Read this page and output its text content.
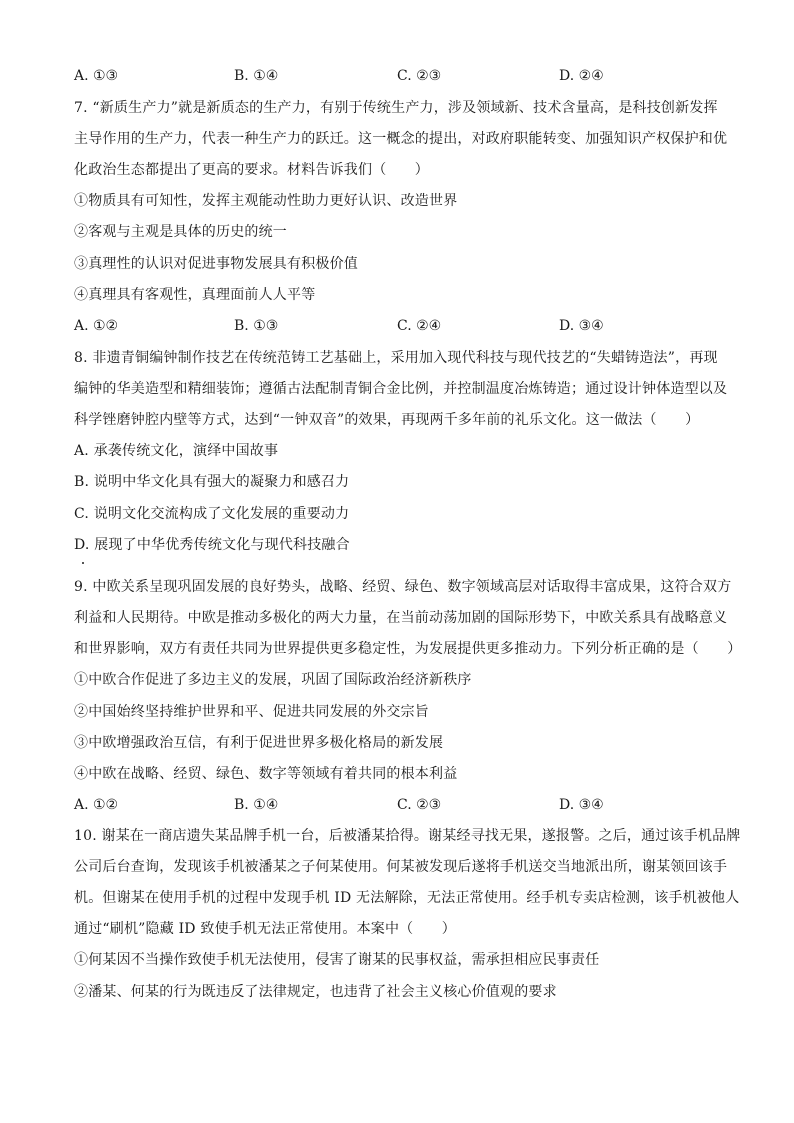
A. ①③	B. ①④	C. ②③	D. ②④
7. “新质生产力”就是新质态的生产力，有别于传统生产力，涉及领域新、技术含量高，是科技创新发挥
主导作用的生产力，代表一种生产力的跃迁。这一概念的提出，对政府职能转变、加强知识产权保护和优
化政治生态都提出了更高的要求。材料告诉我们（　　）
①物质具有可知性，发挥主观能动性助力更好认识、改造世界
②客观与主观是具体的历史的统一
③真理性的认识对促进事物发展具有积极价值
④真理具有客观性，真理面前人人平等
A. ①②	B. ①③	C. ②④	D. ③④
8. 非遗青铜编钟制作技艺在传统范铸工艺基础上，采用加入现代科技与现代技艺的“失蜡铸造法”，再现
编钟的华美造型和精细装饰；遵循古法配制青铜合金比例，并控制温度冶炼铸造；通过设计钟体造型以及
科学锉磨钟腔内壁等方式，达到“一钟双音”的效果，再现两千多年前的礼乐文化。这一做法（　　）
A. 承袭传统文化，演绎中国故事
B. 说明中华文化具有强大的凝聚力和感召力
C. 说明文化交流构成了文化发展的重要动力
D. 展现了中华优秀传统文化与现代科技融合
9. 中欧关系呈现巩固发展的良好势头，战略、经贸、绿色、数字领域高层对话取得丰富成果，这符合双方
利益和人民期待。中欧是推动多极化的两大力量，在当前动荡加剧的国际形势下，中欧关系具有战略意义
和世界影响，双方有责任共同为世界提供更多稳定性，为发展提供更多推动力。下列分析正确的是（　　）
①中欧合作促进了多边主义的发展，巩固了国际政治经济新秩序
②中国始终坚持维护世界和平、促进共同发展的外交宗旨
③中欧增强政治互信，有利于促进世界多极化格局的新发展
④中欧在战略、经贸、绿色、数字等领域有着共同的根本利益
A. ①②	B. ①④	C. ②③	D. ③④
10. 谢某在一商店遗失某品牌手机一台，后被潘某拾得。谢某经寻找无果，遂报警。之后，通过该手机品牌
公司后台查询，发现该手机被潘某之子何某使用。何某被发现后遂将手机送交当地派出所，谢某领回该手
机。但谢某在使用手机的过程中发现手机 ID 无法解除，无法正常使用。经手机专卖店检测，该手机被他人
通过“刷机”隐藏 ID 致使手机无法正常使用。本案中（　　）
①何某因不当操作致使手机无法使用，侵害了谢某的民事权益，需承担相应民事责任
②潘某、何某的行为既违反了法律规定，也违背了社会主义核心价值观的要求
